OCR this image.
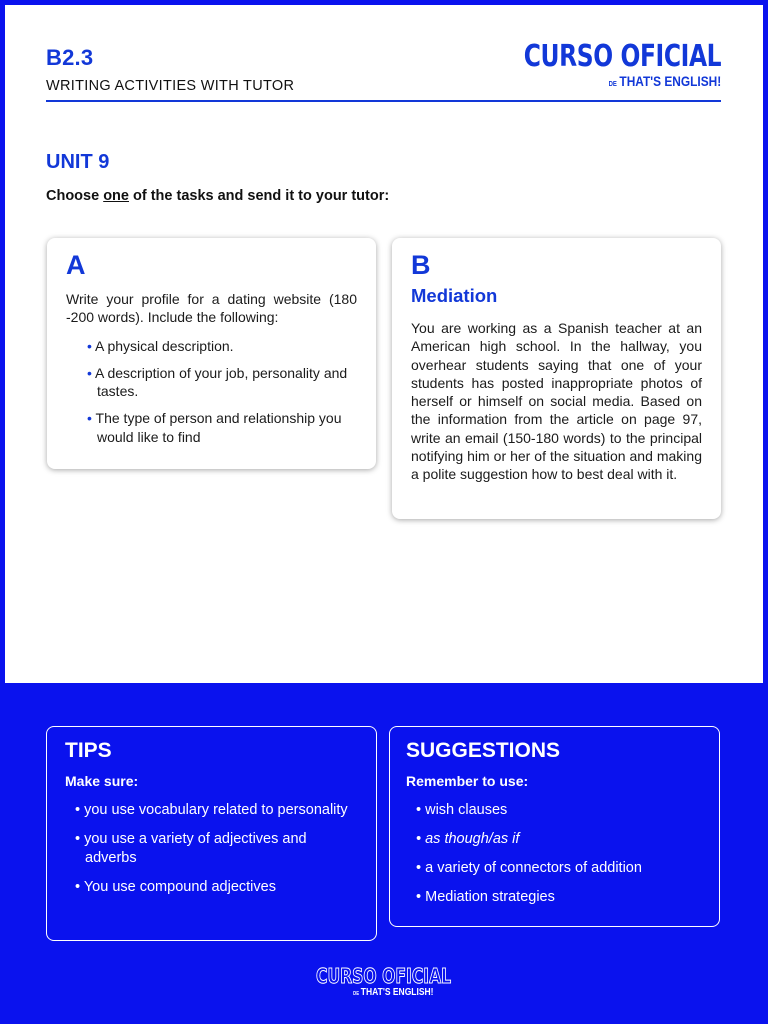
B2.3
WRITING ACTIVITIES WITH TUTOR
CURSO OFICIAL
DE THAT'S ENGLISH!
UNIT 9
Choose one of the tasks and send it to your tutor:
A

Write your profile for a dating website (180 -200 words). Include the following:

• A physical description.
• A description of your job, personality and tastes.
• The type of person and relationship you would like to find
B
Mediation

You are working as a Spanish teacher at an American high school. In the hallway, you overhear students saying that one of your students has posted inappropriate photos of herself or himself on social media. Based on the information from the article on page 97, write an email (150-180 words) to the principal notifying him or her of the situation and making a polite suggestion how to best deal with it.

TIPS
Make sure:
• you use vocabulary related to personality
• you use a variety of adjectives and adverbs
• You use compound adjectives
SUGGESTIONS
Remember to use:
• wish clauses
• as though/as if
• a variety of connectors of addition
• Mediation strategies
CURSO OFICIAL
DE THAT'S ENGLISH!
